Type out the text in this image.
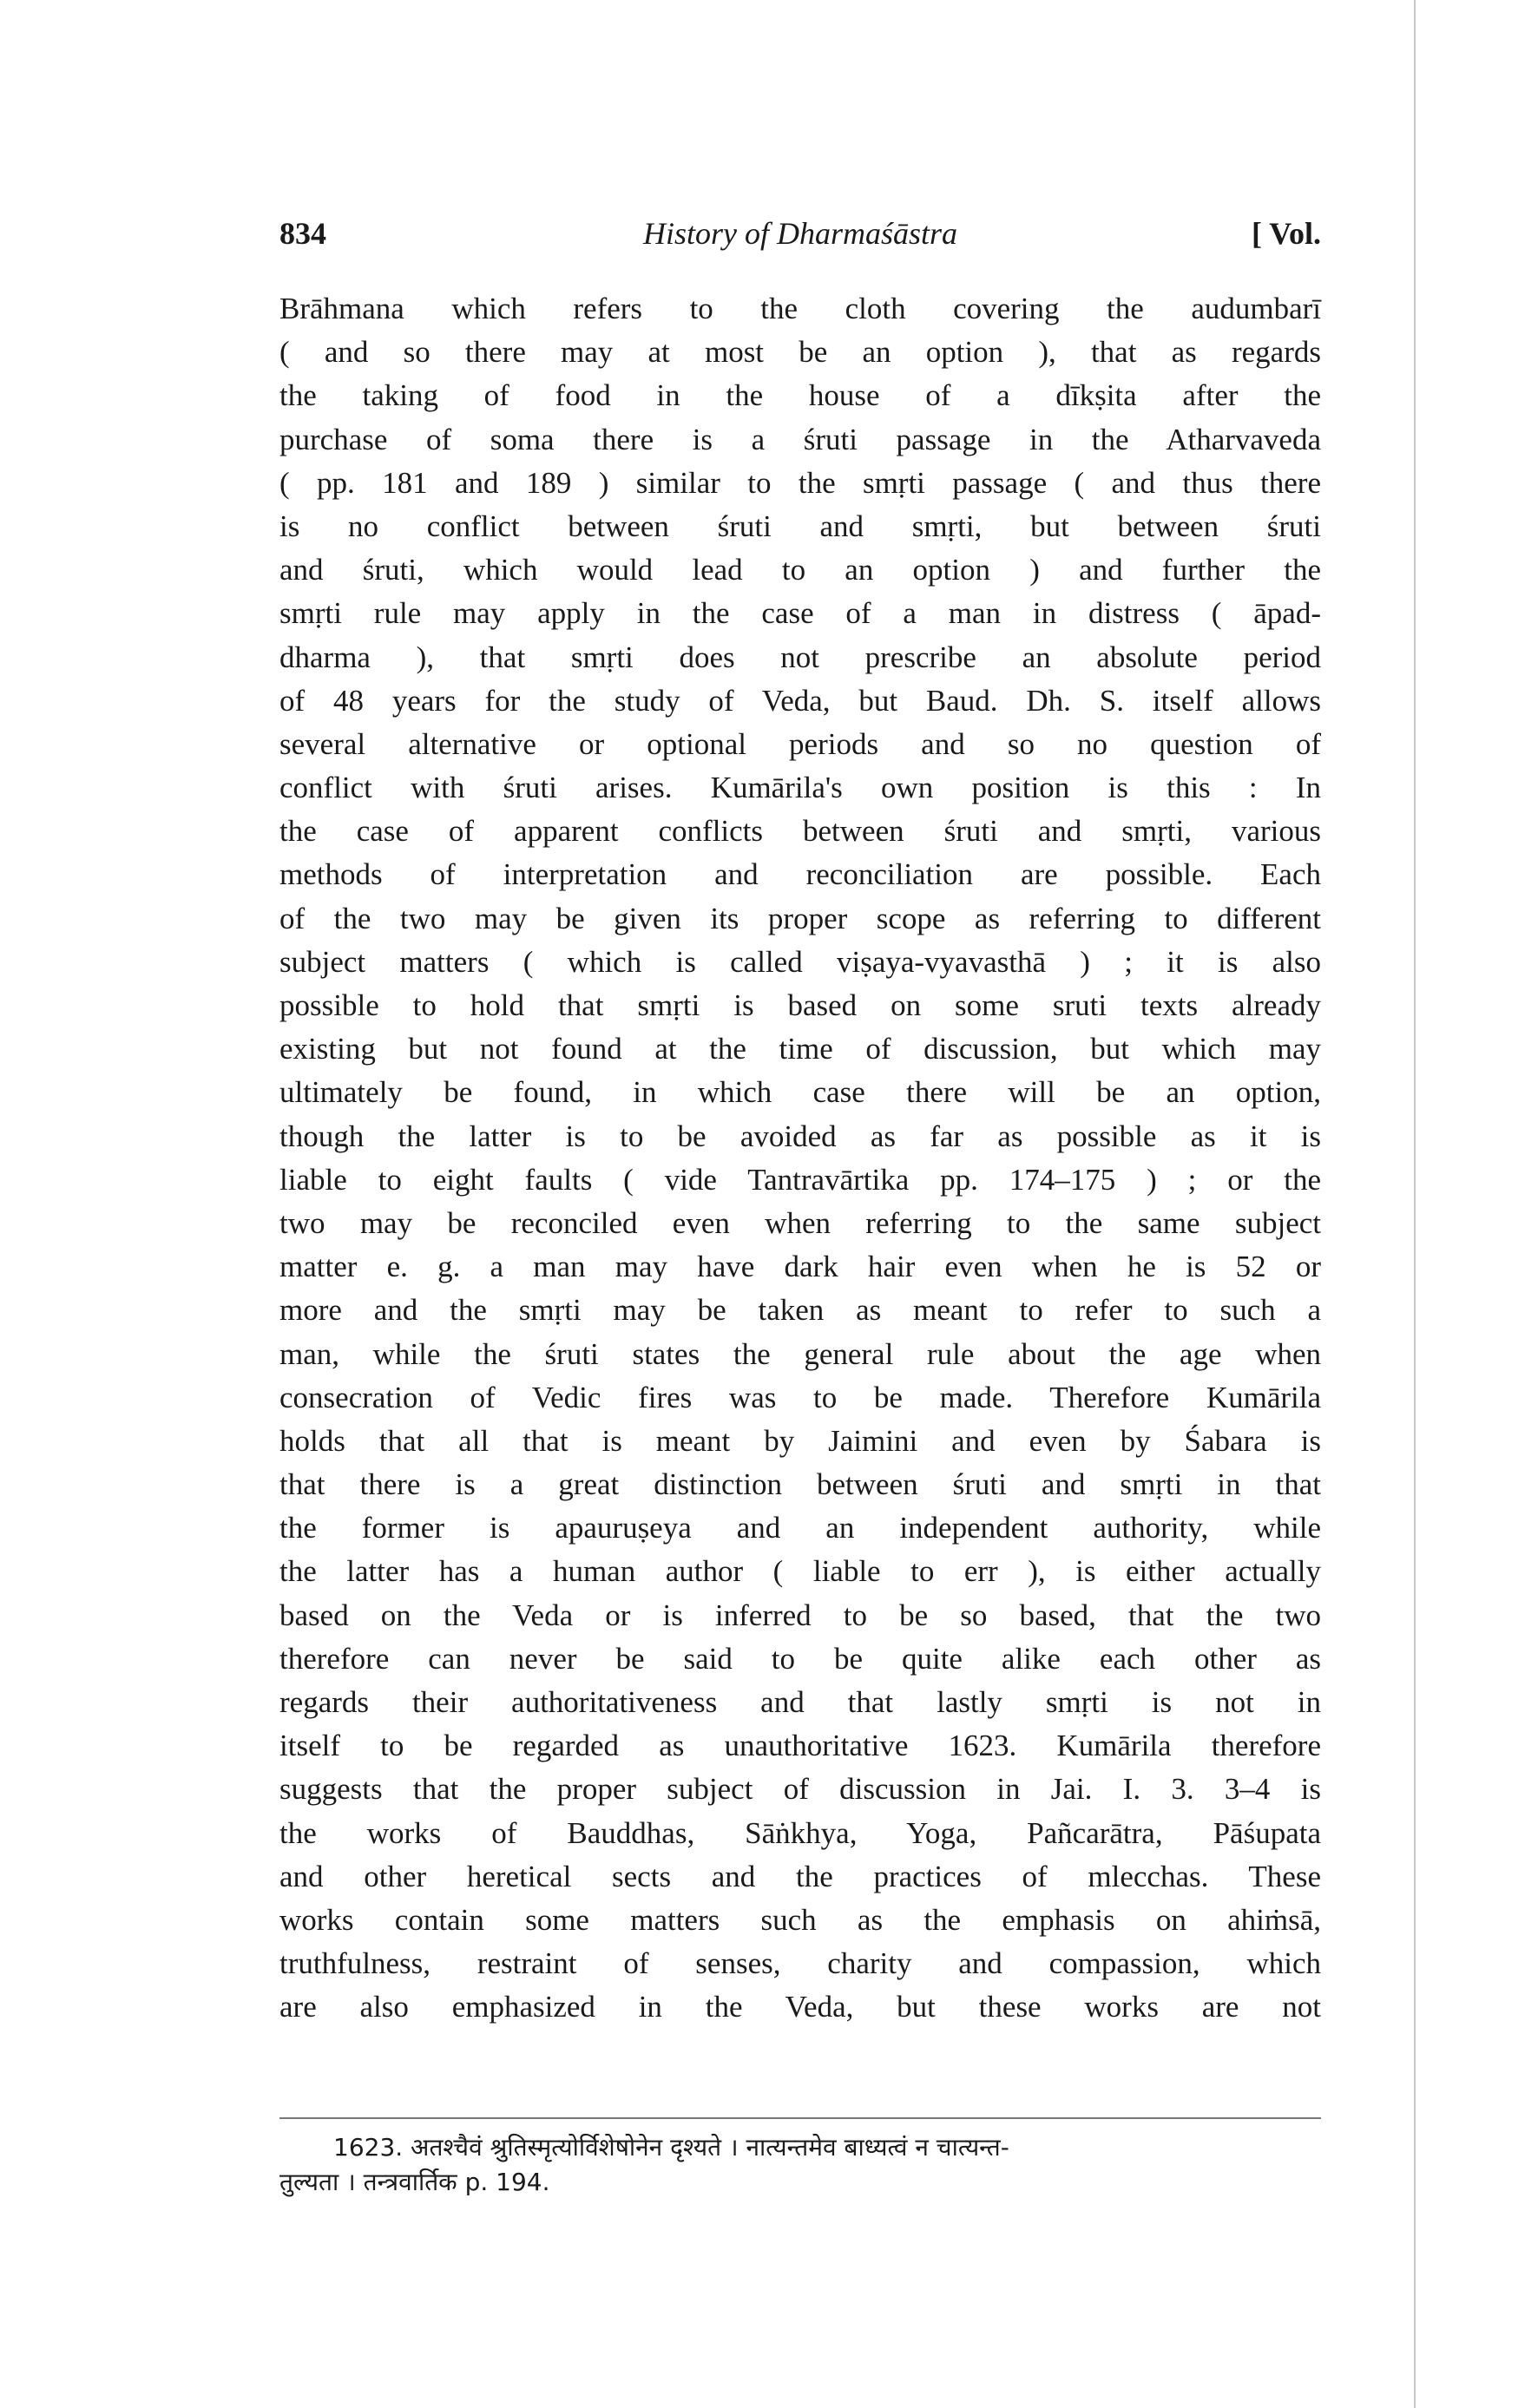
834	History of Dharmaśāstra	[ Vol.
Brāhmana which refers to the cloth covering the audumbarī
( and so there may at most be an option ), that as regards
the taking of food in the house of a dīkṣita after the
purchase of soma there is a śruti passage in the Atharvaveda
( pp. 181 and 189 ) similar to the smṛti passage ( and thus there
is no conflict between śruti and smṛti, but between śruti
and śruti, which would lead to an option ) and further the
smṛti rule may apply in the case of a man in distress ( āpad-
dharma ), that smṛti does not prescribe an absolute period
of 48 years for the study of Veda, but Baud. Dh. S. itself allows
several alternative or optional periods and so no question of
conflict with śruti arises. Kumārila's own position is this : In
the case of apparent conflicts between śruti and smṛti, various
methods of interpretation and reconciliation are possible. Each
of the two may be given its proper scope as referring to different
subject matters ( which is called viṣaya-vyavasthā ) ; it is also
possible to hold that smṛti is based on some sruti texts already
existing but not found at the time of discussion, but which may
ultimately be found, in which case there will be an option,
though the latter is to be avoided as far as possible as it is
liable to eight faults ( vide Tantravārtika pp. 174–175 ) ; or the
two may be reconciled even when referring to the same subject
matter e. g. a man may have dark hair even when he is 52 or
more and the smṛti may be taken as meant to refer to such a
man, while the śruti states the general rule about the age when
consecration of Vedic fires was to be made. Therefore Kumārila
holds that all that is meant by Jaimini and even by Śabara is
that there is a great distinction between śruti and smṛti in that
the former is apauruṣeya and an independent authority, while
the latter has a human author ( liable to err ), is either actually
based on the Veda or is inferred to be so based, that the two
therefore can never be said to be quite alike each other as
regards their authoritativeness and that lastly smṛti is not in
itself to be regarded as unauthoritative 1623. Kumārila therefore
suggests that the proper subject of discussion in Jai. I. 3. 3–4 is
the works of Bauddhas, Sāṅkhya, Yoga, Pañcarātra, Pāśupata
and other heretical sects and the practices of mlecchas. These
works contain some matters such as the emphasis on ahiṁsā,
truthfulness, restraint of senses, charity and compassion, which
are also emphasized in the Veda, but these works are not
1623. अतश्चैवं श्रुतिस्मृत्योर्विशेषोनेन दृश्यते । नात्यन्तमेव बाध्यत्वं न चात्यन्त-
तुल्यता । तन्त्रवार्तिक p. 194.
